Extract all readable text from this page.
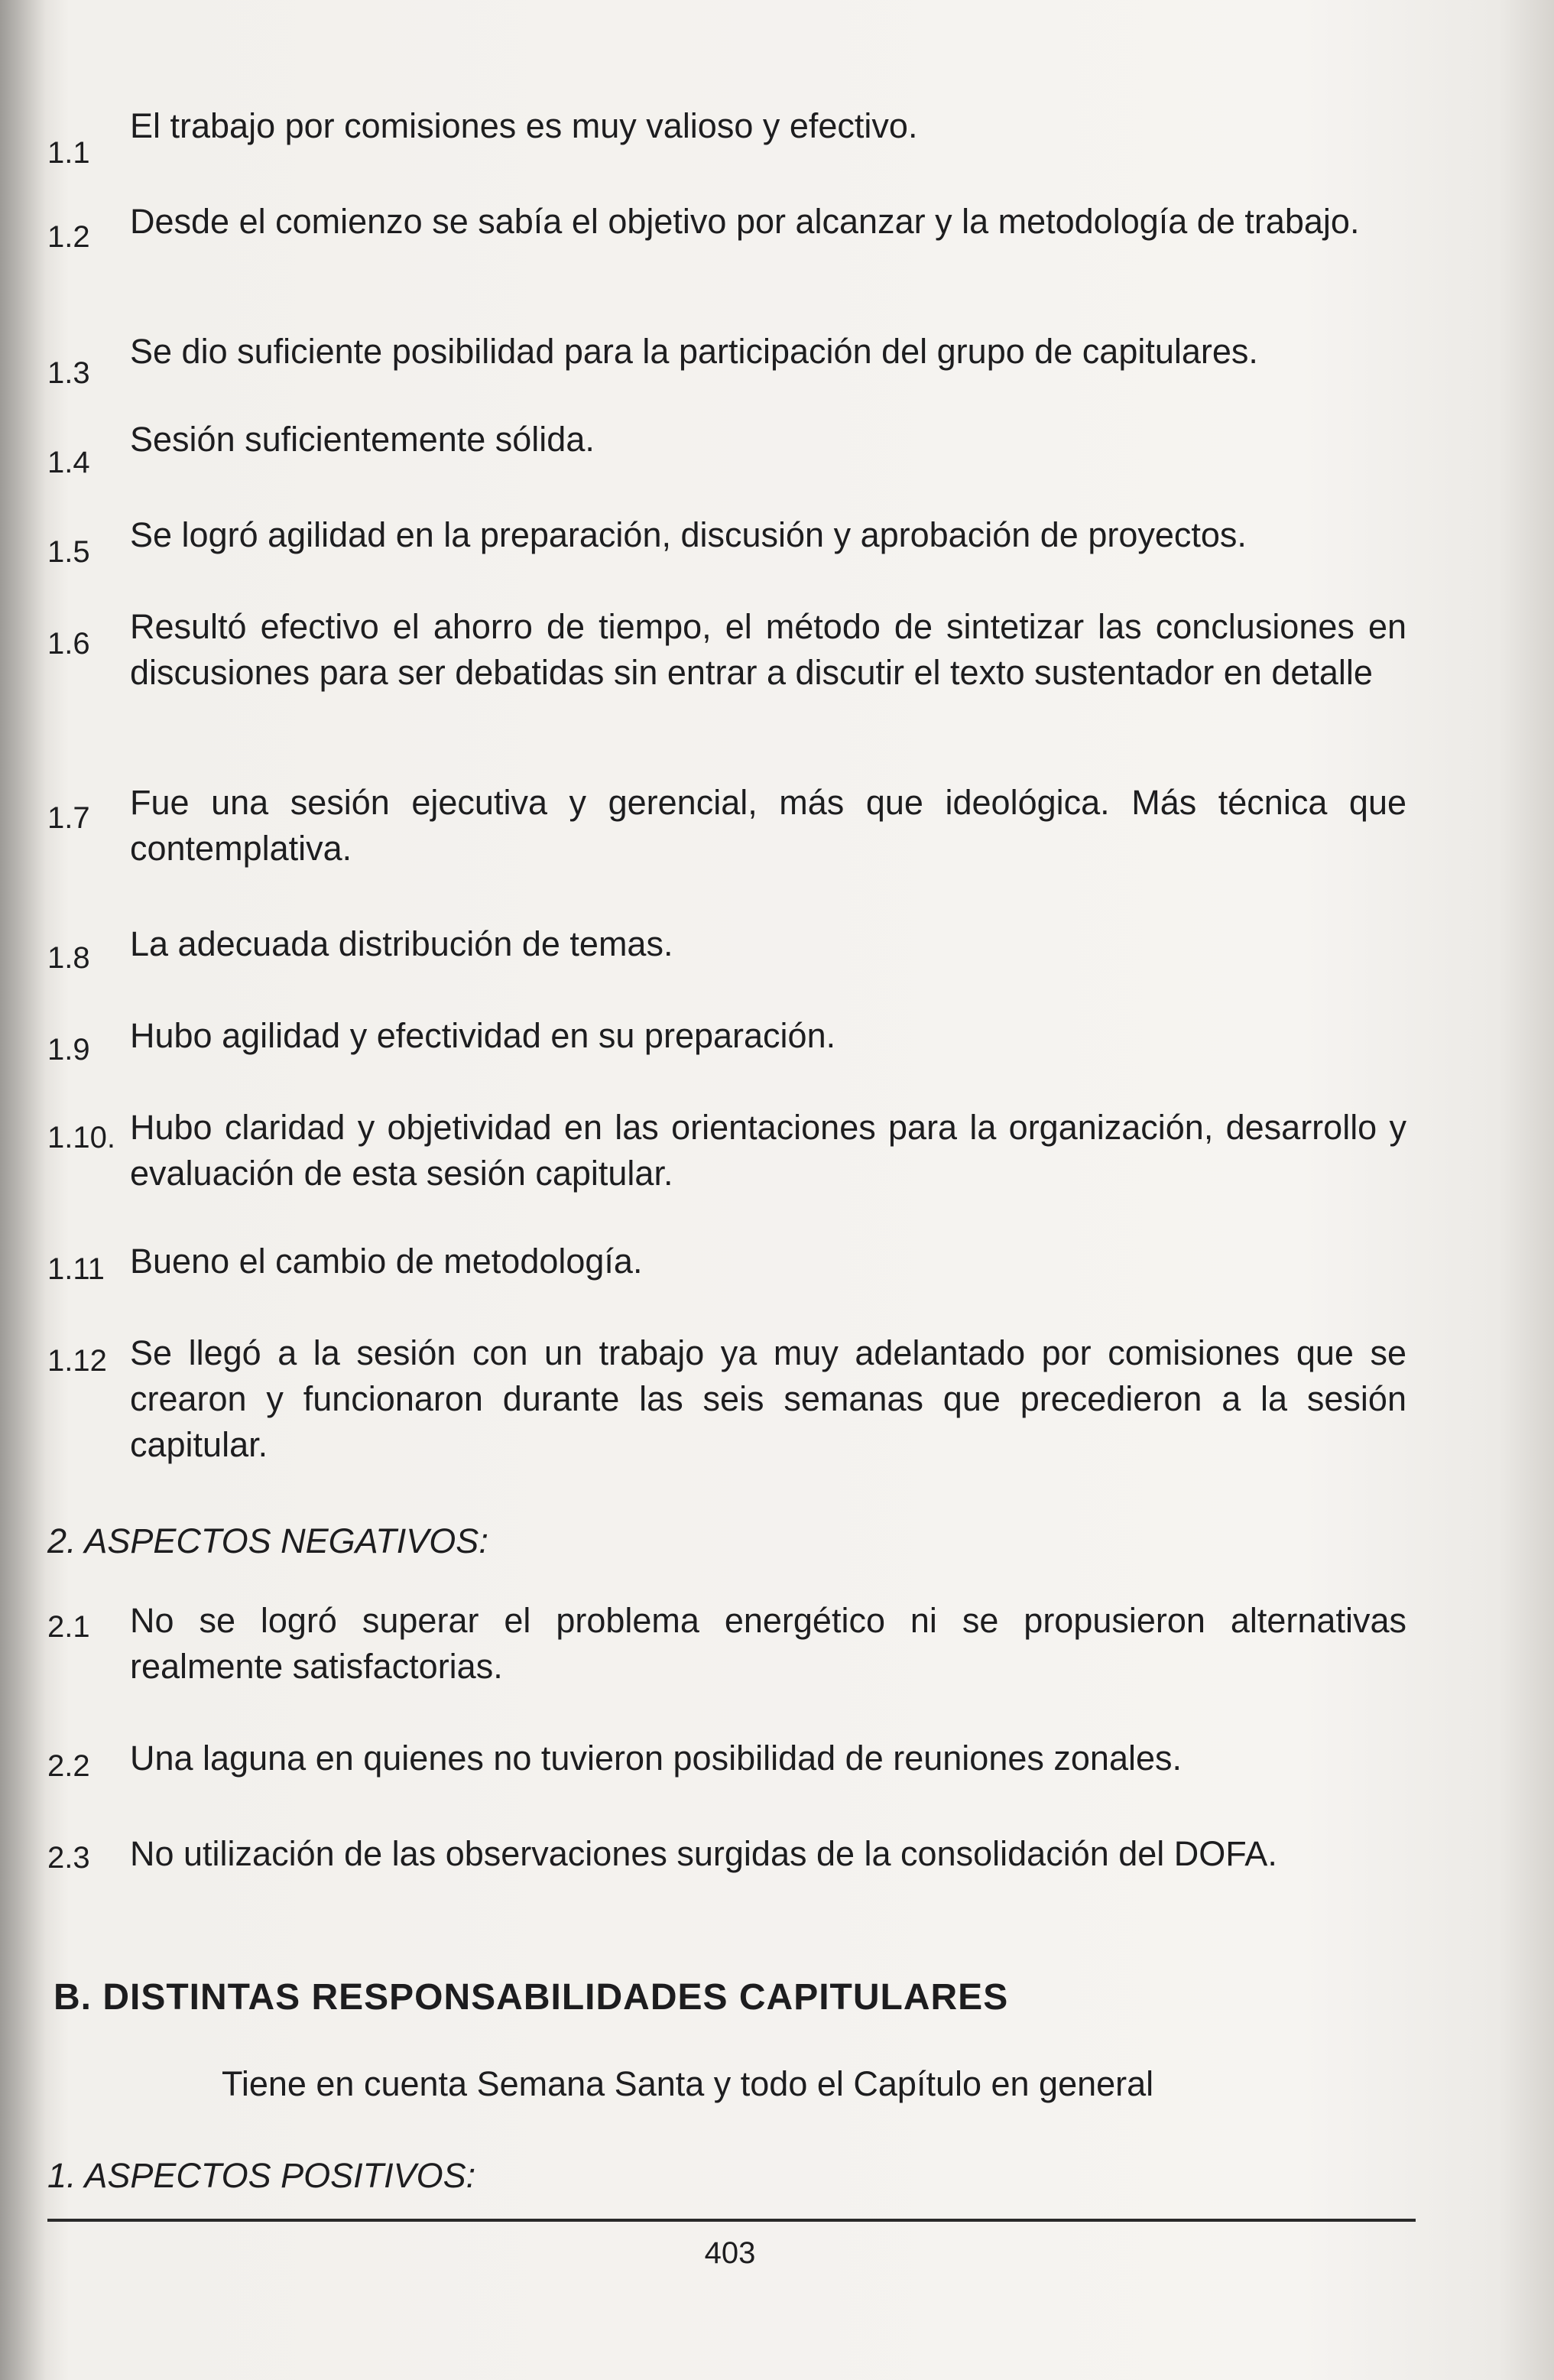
1.1
El trabajo por comisiones es muy valioso y efectivo.
1.2 Desde el comienzo se sabía el objetivo por alcanzar y la metodología de trabajo.
1.3
Se dio suficiente posibilidad para la participación del grupo de capitulares.
1.4
Sesión suficientemente sólida.
1.5 Se logró agilidad en la preparación, discusión y aprobación de proyectos.
1.6 Resultó efectivo el ahorro de tiempo, el método de sintetizar las conclusiones en discusiones para ser debatidas sin entrar a discutir el texto sustentador en detalle
1.7 Fue una sesión ejecutiva y gerencial, más que ideológica. Más técnica que contemplativa.
1.8 La adecuada distribución de temas.
1.9 Hubo agilidad y efectividad en su preparación.
1.10. Hubo claridad y objetividad en las orientaciones para la organización, desarrollo y evaluación de esta sesión capitular.
1.11 Bueno el cambio de metodología.
1.12 Se llegó a la sesión con un trabajo ya muy adelantado por comisiones que se crearon y funcionaron durante las seis semanas que precedieron a la sesión capitular.
2. ASPECTOS NEGATIVOS:
2.1 No se logró superar el problema energético ni se propusieron alternativas realmente satisfactorias.
2.2 Una laguna en quienes no tuvieron posibilidad de reuniones zonales.
2.3 No utilización de las observaciones surgidas de la consolidación del DOFA.
B. DISTINTAS RESPONSABILIDADES CAPITULARES
Tiene en cuenta Semana Santa y todo el Capítulo en general
1. ASPECTOS POSITIVOS:
403
